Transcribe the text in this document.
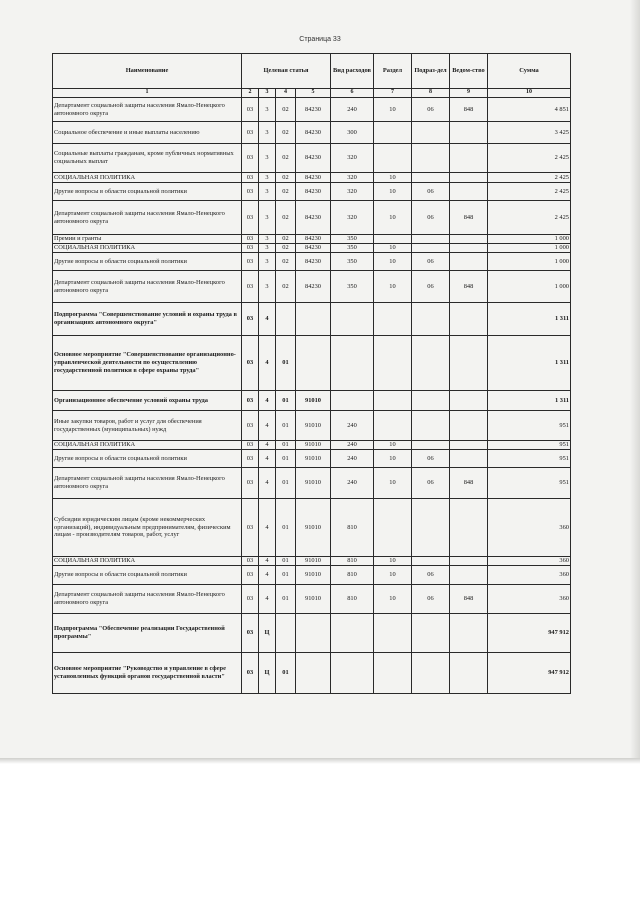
Страница 33
Наименование	Целевая статья				Вид расходов	Раздел	Подраз-дел	Ведом-ство	Сумма
1	2	3	4	5	6	7	8	9	10
Департамент социальной защиты населения Ямало-Ненецкого автономного округа	03	3	02	84230	240	10	06	848	4 851
Социальное обеспечение и иные выплаты населению	03	3	02	84230	300				3 425
Социальные выплаты гражданам, кроме публичных нормативных социальных выплат	03	3	02	84230	320				2 425
СОЦИАЛЬНАЯ ПОЛИТИКА	03	3	02	84230	320	10			2 425
Другие вопросы в области социальной политики	03	3	02	84230	320	10	06		2 425
Департамент социальной защиты населения Ямало-Ненецкого автономного округа	03	3	02	84230	320	10	06	848	2 425
Премии и гранты	03	3	02	84230	350				1 000
СОЦИАЛЬНАЯ ПОЛИТИКА	03	3	02	84230	350	10			1 000
Другие вопросы в области социальной политики	03	3	02	84230	350	10	06		1 000
Департамент социальной защиты населения Ямало-Ненецкого автономного округа	03	3	02	84230	350	10	06	848	1 000
Подпрограмма "Совершенствование условий и охраны труда в организациях автономного округа"	03	4							1 311
Основное мероприятие "Совершенствование организационно-управленческой деятельности по осуществлению государственной политики в сфере охраны труда"	03	4	01						1 311
Организационное обеспечение условий охраны труда	03	4	01	91010					1 311
Иные закупки товаров, работ и услуг для обеспечения государственных (муниципальных) нужд	03	4	01	91010	240				951
СОЦИАЛЬНАЯ ПОЛИТИКА	03	4	01	91010	240	10			951
Другие вопросы в области социальной политики	03	4	01	91010	240	10	06		951
Департамент социальной защиты населения Ямало-Ненецкого автономного округа	03	4	01	91010	240	10	06	848	951
Субсидии юридическим лицам (кроме некоммерческих организаций), индивидуальным предпринимателям, физическим лицам - производителям товаров, работ, услуг	03	4	01	91010	810				360
СОЦИАЛЬНАЯ ПОЛИТИКА	03	4	01	91010	810	10			360
Другие вопросы в области социальной политики	03	4	01	91010	810	10	06		360
Департамент социальной защиты населения Ямало-Ненецкого автономного округа	03	4	01	91010	810	10	06	848	360
Подпрограмма "Обеспечение реализации Государственной программы"	03	Ц							947 912
Основное мероприятие "Руководство и управление в сфере установленных функций органов государственной власти"	03	Ц	01						947 912
